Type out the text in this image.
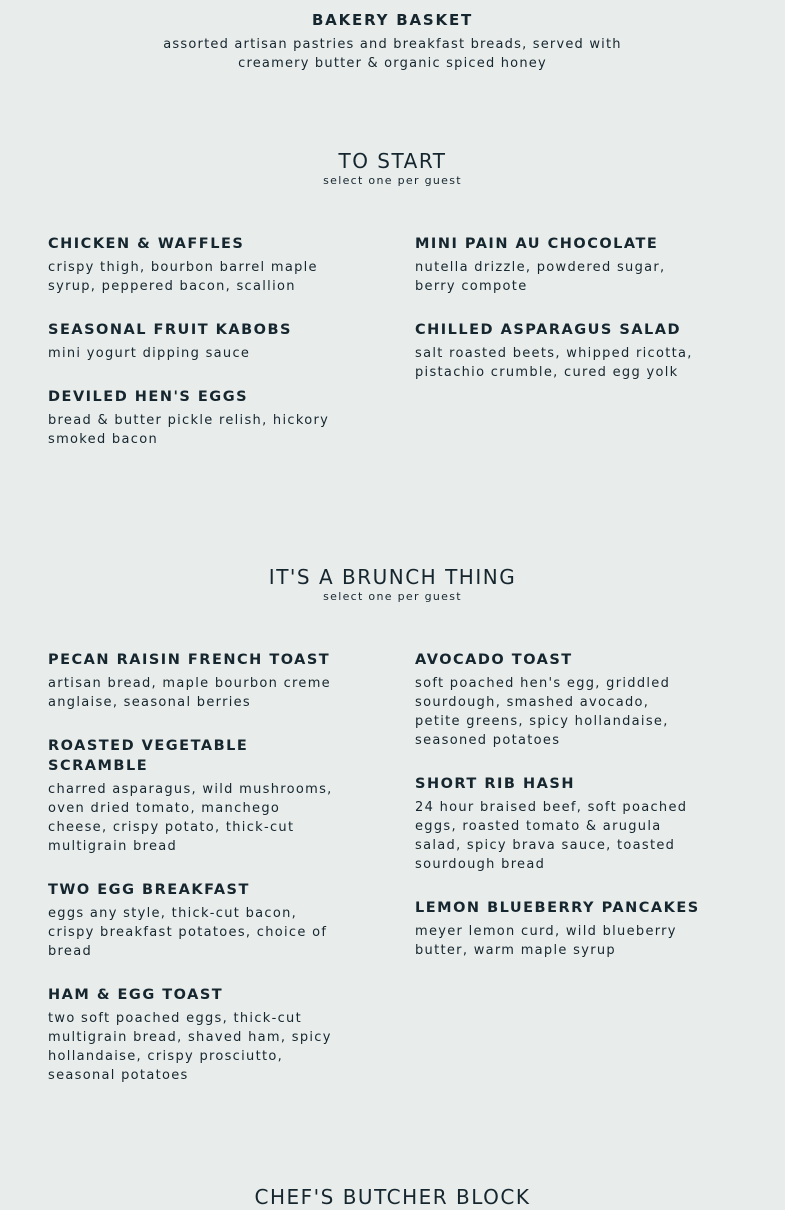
BAKERY BASKET
assorted artisan pastries and breakfast breads, served with
creamery butter & organic spiced honey
TO START
select one per guest
CHICKEN & WAFFLES
crispy thigh, bourbon barrel maple syrup, peppered bacon, scallion
SEASONAL FRUIT KABOBS
mini yogurt dipping sauce
DEVILED HEN'S EGGS
bread & butter pickle relish, hickory smoked bacon
MINI PAIN AU CHOCOLATE
nutella drizzle, powdered sugar, berry compote
CHILLED ASPARAGUS SALAD
salt roasted beets, whipped ricotta, pistachio crumble, cured egg yolk
IT'S A BRUNCH THING
select one per guest
PECAN RAISIN FRENCH TOAST
artisan bread, maple bourbon creme anglaise, seasonal berries
ROASTED VEGETABLE SCRAMBLE
charred asparagus, wild mushrooms, oven dried tomato, manchego cheese, crispy potato, thick-cut multigrain bread
TWO EGG BREAKFAST
eggs any style, thick-cut bacon, crispy breakfast potatoes, choice of bread
HAM & EGG TOAST
two soft poached eggs, thick-cut multigrain bread, shaved ham, spicy hollandaise, crispy prosciutto, seasonal potatoes
AVOCADO TOAST
soft poached hen's egg, griddled sourdough, smashed avocado, petite greens, spicy hollandaise, seasoned potatoes
SHORT RIB HASH
24 hour braised beef, soft poached eggs, roasted tomato & arugula salad, spicy brava sauce, toasted sourdough bread
LEMON BLUEBERRY PANCAKES
meyer lemon curd, wild blueberry butter, warm maple syrup
CHEF'S BUTCHER BLOCK
